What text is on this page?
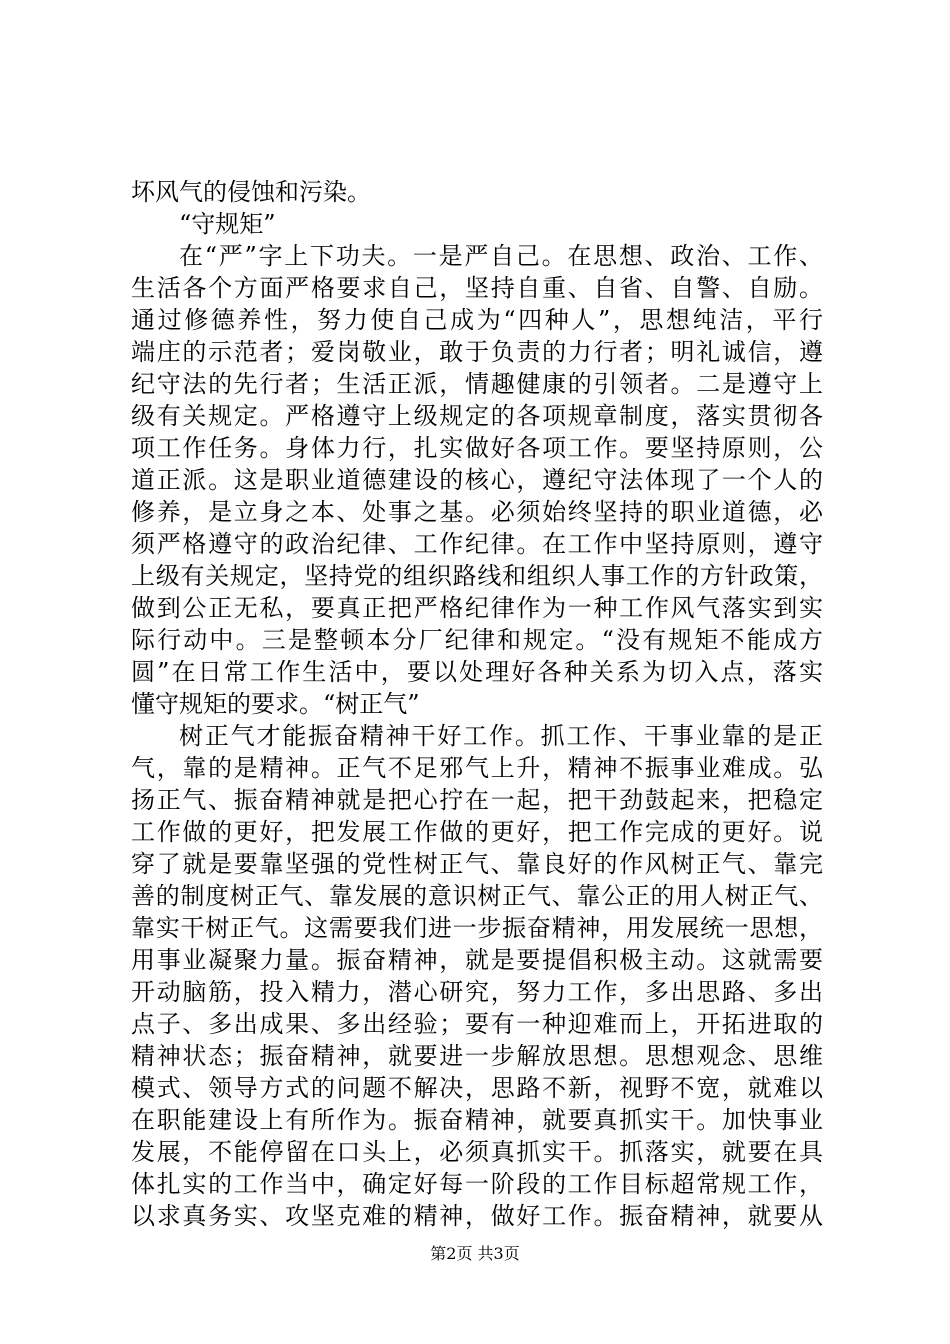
坏风气的侵蚀和污染。
“守规矩”
在“严”字上下功夫。一是严自己。在思想、政治、工作、
生活各个方面严格要求自己，坚持自重、自省、自警、自励。
通过修德养性，努力使自己成为“四种人”，思想纯洁，平行
端庄的示范者；爱岗敬业，敢于负责的力行者；明礼诚信，遵
纪守法的先行者；生活正派，情趣健康的引领者。二是遵守上
级有关规定。严格遵守上级规定的各项规章制度，落实贯彻各
项工作任务。身体力行，扎实做好各项工作。要坚持原则，公
道正派。这是职业道德建设的核心，遵纪守法体现了一个人的
修养，是立身之本、处事之基。必须始终坚持的职业道德，必
须严格遵守的政治纪律、工作纪律。在工作中坚持原则，遵守
上级有关规定，坚持党的组织路线和组织人事工作的方针政策，
做到公正无私，要真正把严格纪律作为一种工作风气落实到实
际行动中。三是整顿本分厂纪律和规定。“没有规矩不能成方
圆”在日常工作生活中，要以处理好各种关系为切入点，落实
懂守规矩的要求。“树正气”
树正气才能振奋精神干好工作。抓工作、干事业靠的是正
气，靠的是精神。正气不足邪气上升，精神不振事业难成。弘
扬正气、振奋精神就是把心拧在一起，把干劲鼓起来，把稳定
工作做的更好，把发展工作做的更好，把工作完成的更好。说
穿了就是要靠坚强的党性树正气、靠良好的作风树正气、靠完
善的制度树正气、靠发展的意识树正气、靠公正的用人树正气、
靠实干树正气。这需要我们进一步振奋精神，用发展统一思想，
用事业凝聚力量。振奋精神，就是要提倡积极主动。这就需要
开动脑筋，投入精力，潜心研究，努力工作，多出思路、多出
点子、多出成果、多出经验；要有一种迎难而上，开拓进取的
精神状态；振奋精神，就要进一步解放思想。思想观念、思维
模式、领导方式的问题不解决，思路不新，视野不宽，就难以
在职能建设上有所作为。振奋精神，就要真抓实干。加快事业
发展，不能停留在口头上，必须真抓实干。抓落实，就要在具
体扎实的工作当中，确定好每一阶段的工作目标超常规工作，
以求真务实、攻坚克难的精神，做好工作。振奋精神，就要从
第2页 共3页
